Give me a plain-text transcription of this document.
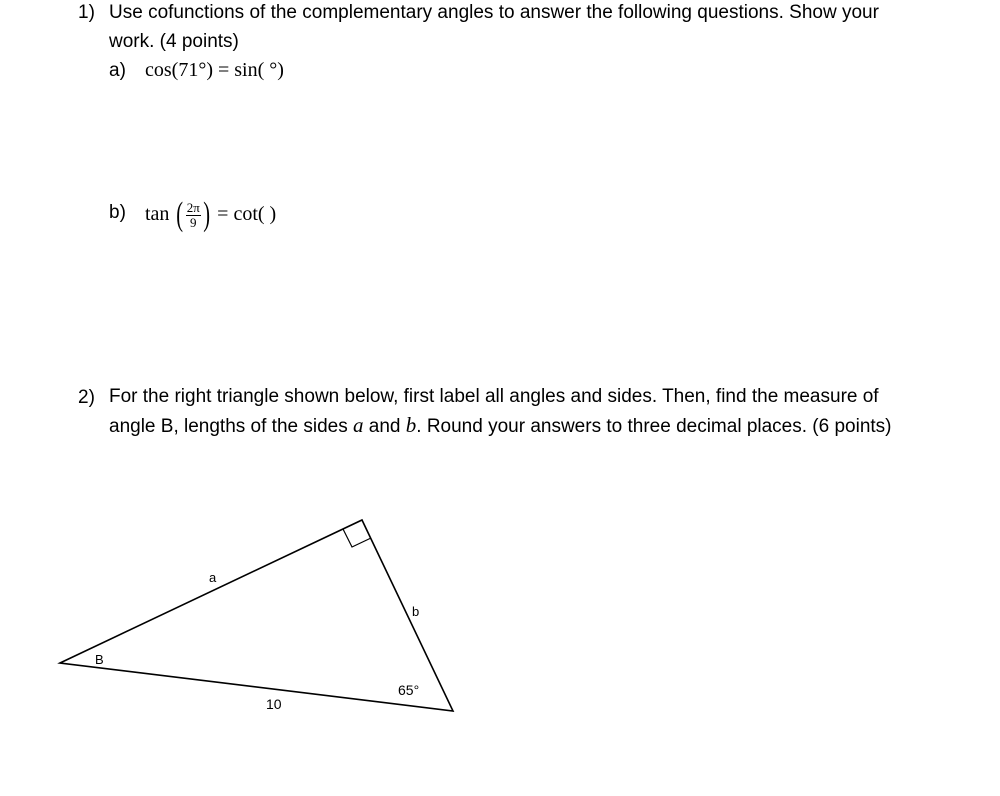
1) Use cofunctions of the complementary angles to answer the following questions. Show your
work. (4 points)
a) cos(71°) = sin( °)
b) tan ( $\frac{2\pi}{9}$ ) = cot( )
2) For the right triangle shown below, first label all angles and sides. Then, find the measure of
angle B, lengths of the sides a and b. Round your answers to three decimal places. (6 points)
B
a
b
10
65°
